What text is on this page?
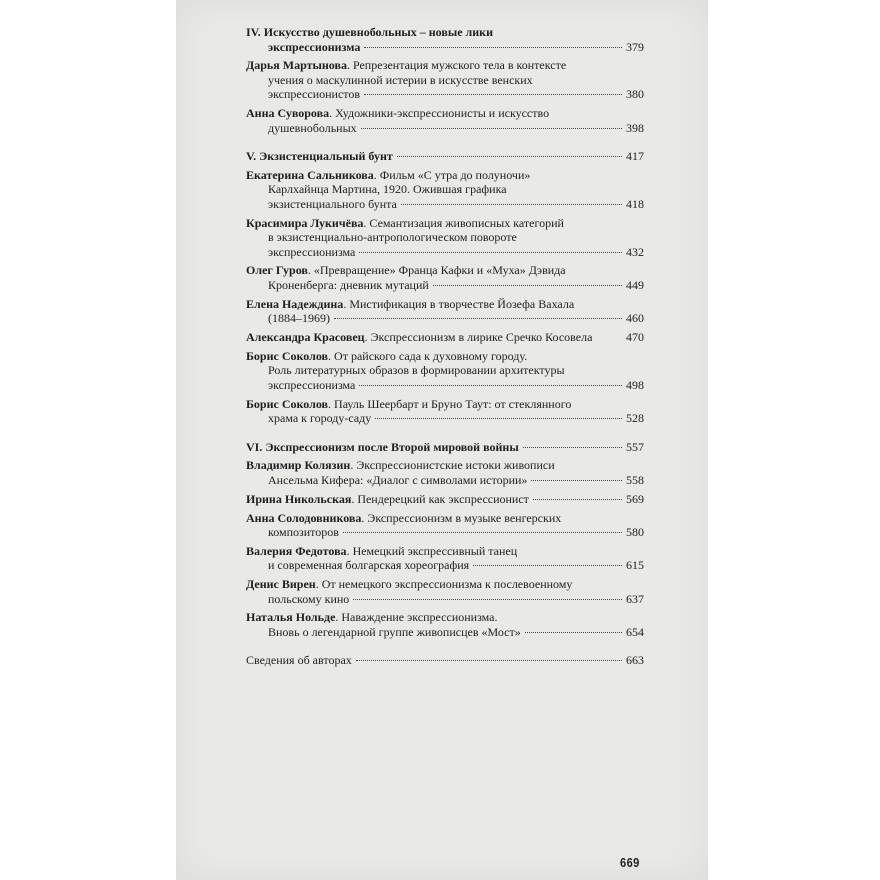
IV. Искусство душевнобольных – новые лики
экспрессионизма	379
Дарья Мартынова. Репрезентация мужского тела в контексте
учения о маскулинной истерии в искусстве венских
экспрессионистов	380
Анна Суворова. Художники-экспрессионисты и искусство
душевнобольных	398
V. Экзистенциальный бунт	417
Екатерина Сальникова. Фильм «С утра до полуночи»
Карлхайнца Мартина, 1920. Ожившая графика
экзистенциального бунта	418
Красимира Лукичёва. Семантизация живописных категорий
в экзистенциально-антропологическом повороте
экспрессионизма	432
Олег Гуров. «Превращение» Франца Кафки и «Муха» Дэвида
Кроненберга: дневник мутаций	449
Елена Надеждина. Мистификация в творчестве Йозефа Вахала
(1884–1969)	460
Александра Красовец. Экспрессионизм в лирике Сречко Косовела	470
Борис Соколов. От райского сада к духовному городу.
Роль литературных образов в формировании архитектуры
экспрессионизма	498
Борис Соколов. Пауль Шеербарт и Бруно Таут: от стеклянного
храма к городу-саду	528
VI. Экспрессионизм после Второй мировой войны	557
Владимир Колязин. Экспрессионистские истоки живописи
Ансельма Кифера: «Диалог с символами истории»	558
Ирина Никольская. Пендерецкий как экспрессионист	569
Анна Солодовникова. Экспрессионизм в музыке венгерских
композиторов	580
Валерия Федотова. Немецкий экспрессивный танец
и современная болгарская хореография	615
Денис Вирен. От немецкого экспрессионизма к послевоенному
польскому кино	637
Наталья Нольде. Наваждение экспрессионизма.
Вновь о легендарной группе живописцев «Мост»	654
Сведения об авторах	663
669
